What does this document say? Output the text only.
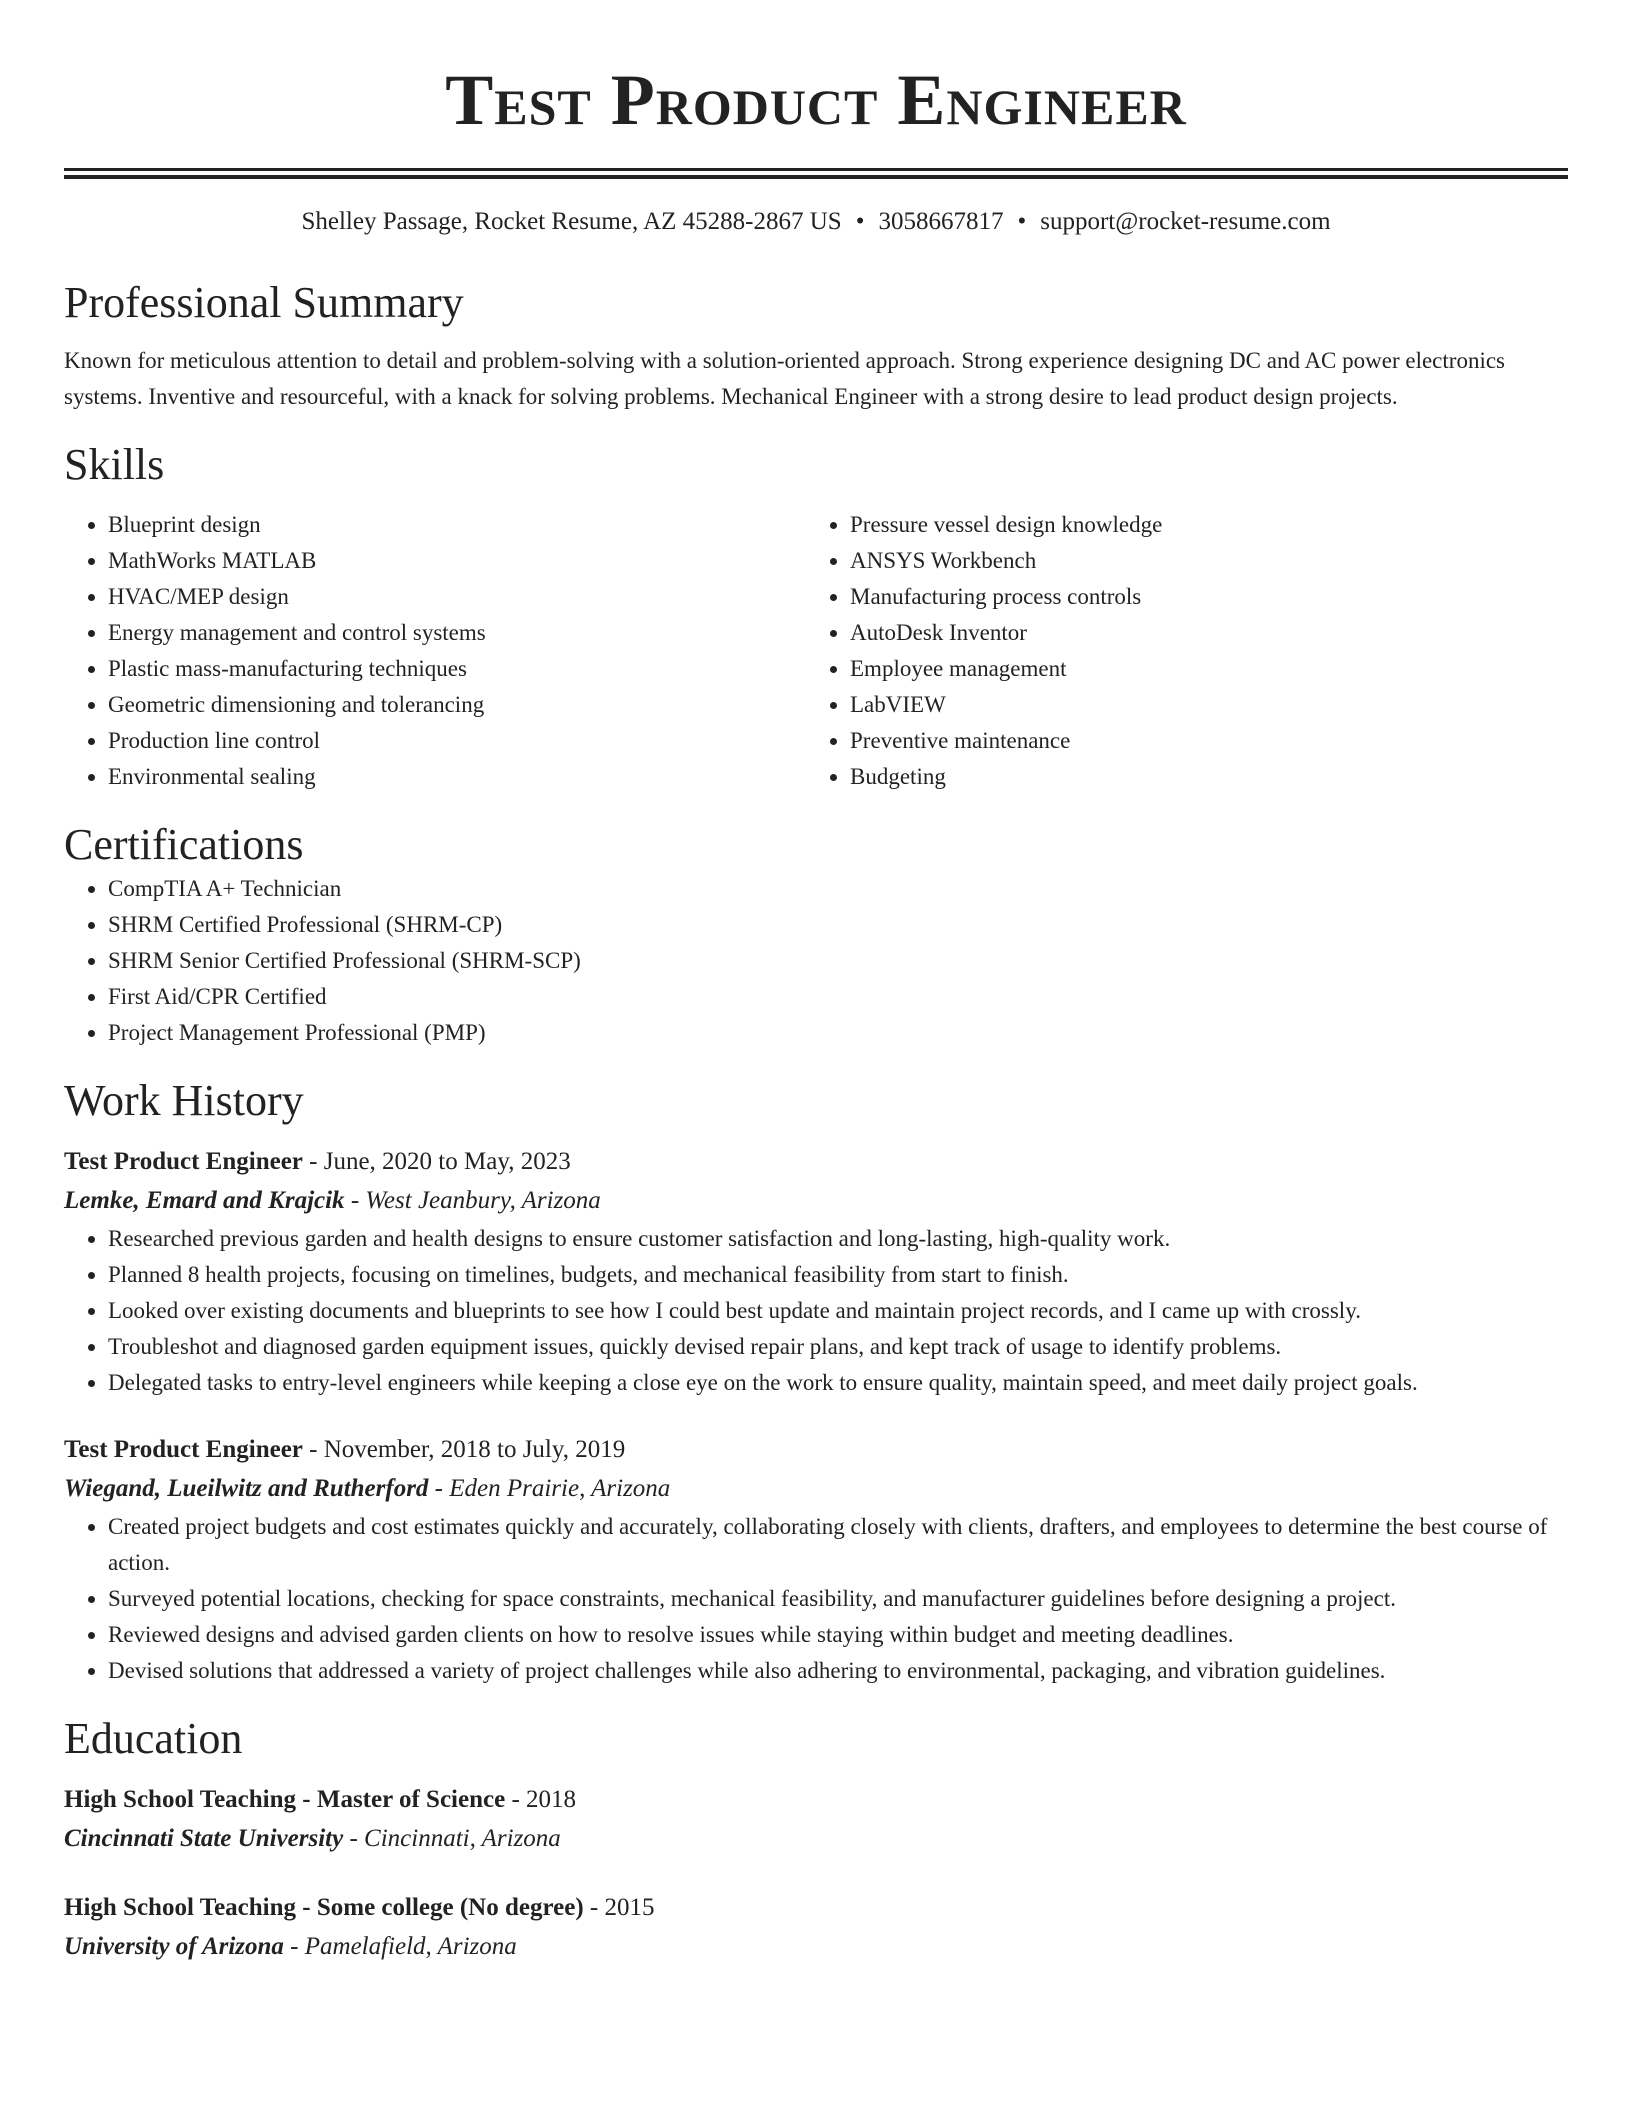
Test Product Engineer
Shelley Passage, Rocket Resume, AZ 45288-2867 US • 3058667817 • support@rocket-resume.com
Professional Summary
Known for meticulous attention to detail and problem-solving with a solution-oriented approach. Strong experience designing DC and AC power electronics systems. Inventive and resourceful, with a knack for solving problems. Mechanical Engineer with a strong desire to lead product design projects.
Skills
• Blueprint design
• MathWorks MATLAB
• HVAC/MEP design
• Energy management and control systems
• Plastic mass-manufacturing techniques
• Geometric dimensioning and tolerancing
• Production line control
• Environmental sealing
• Pressure vessel design knowledge
• ANSYS Workbench
• Manufacturing process controls
• AutoDesk Inventor
• Employee management
• LabVIEW
• Preventive maintenance
• Budgeting
Certifications
• CompTIA A+ Technician
• SHRM Certified Professional (SHRM-CP)
• SHRM Senior Certified Professional (SHRM-SCP)
• First Aid/CPR Certified
• Project Management Professional (PMP)
Work History
Test Product Engineer - June, 2020 to May, 2023
Lemke, Emard and Krajcik - West Jeanbury, Arizona
• Researched previous garden and health designs to ensure customer satisfaction and long-lasting, high-quality work.
• Planned 8 health projects, focusing on timelines, budgets, and mechanical feasibility from start to finish.
• Looked over existing documents and blueprints to see how I could best update and maintain project records, and I came up with crossly.
• Troubleshot and diagnosed garden equipment issues, quickly devised repair plans, and kept track of usage to identify problems.
• Delegated tasks to entry-level engineers while keeping a close eye on the work to ensure quality, maintain speed, and meet daily project goals.
Test Product Engineer - November, 2018 to July, 2019
Wiegand, Lueilwitz and Rutherford - Eden Prairie, Arizona
• Created project budgets and cost estimates quickly and accurately, collaborating closely with clients, drafters, and employees to determine the best course of action.
• Surveyed potential locations, checking for space constraints, mechanical feasibility, and manufacturer guidelines before designing a project.
• Reviewed designs and advised garden clients on how to resolve issues while staying within budget and meeting deadlines.
• Devised solutions that addressed a variety of project challenges while also adhering to environmental, packaging, and vibration guidelines.
Education
High School Teaching - Master of Science - 2018
Cincinnati State University - Cincinnati, Arizona
High School Teaching - Some college (No degree) - 2015
University of Arizona - Pamelafield, Arizona
